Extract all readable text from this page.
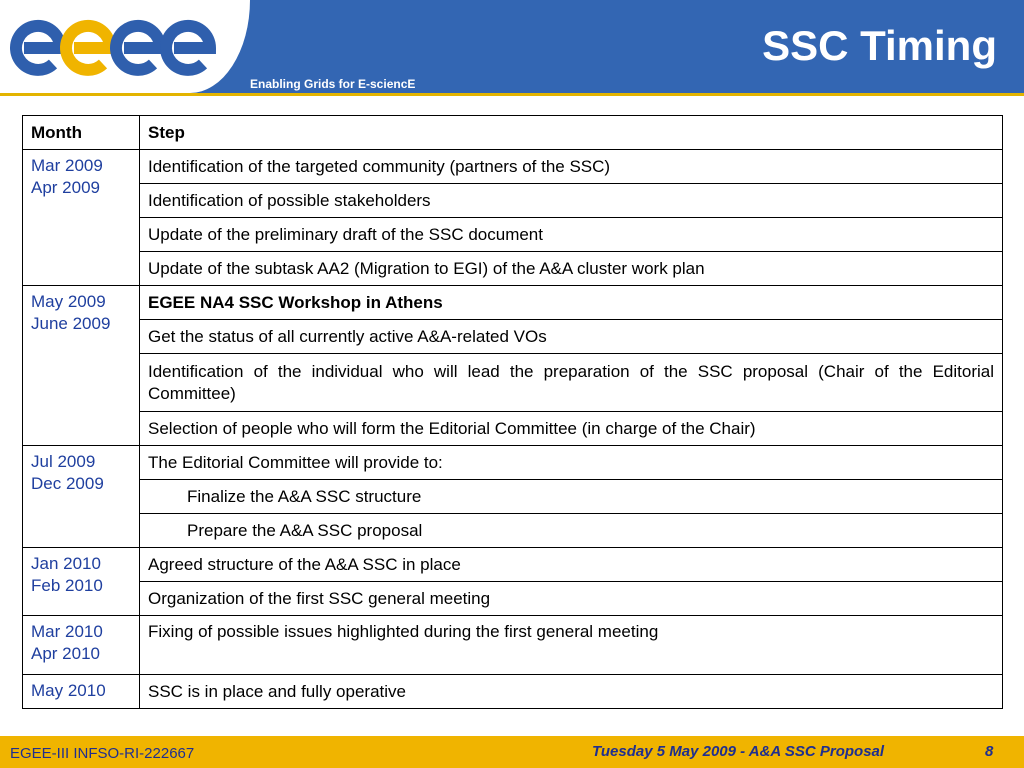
Enabling Grids for E-sciencE
SSC Timing
Month	Step

Mar 2009
Apr 2009	Identification of the targeted community (partners of the SSC)
	Identification of possible stakeholders
	Update of the preliminary draft of the SSC document
	Update of the subtask AA2 (Migration to EGI) of the A&A cluster work plan

May 2009
June 2009	EGEE NA4 SSC Workshop in Athens
	Get the status of all currently active A&A-related VOs
	Identification of the individual who will lead the preparation of the SSC proposal (Chair of the Editorial Committee)
	Selection of people who will form the Editorial Committee (in charge of the Chair)

Jul 2009
Dec 2009	The Editorial Committee will provide to:
	Finalize the A&A SSC structure
	Prepare the A&A SSC proposal

Jan 2010
Feb 2010	Agreed structure of the A&A SSC in place
	Organization of the first SSC general meeting

Mar 2010
Apr 2010	Fixing of possible issues highlighted during the first general meeting

May 2010	SSC is in place and fully operative
EGEE-III INFSO-RI-222667	Tuesday 5 May 2009 - A&A SSC Proposal	8
